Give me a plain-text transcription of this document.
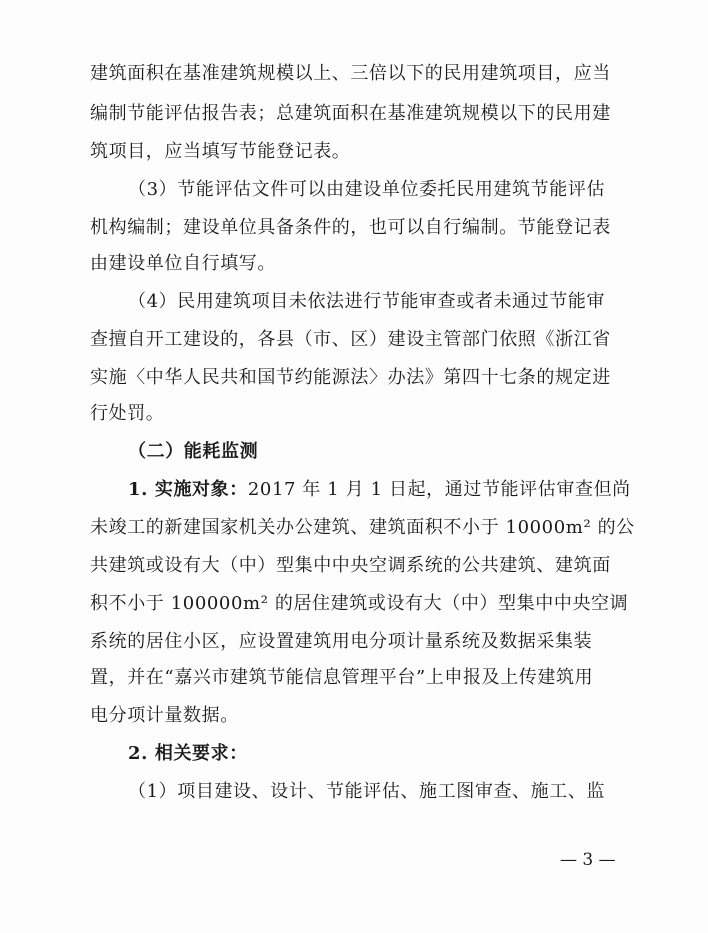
建筑面积在基准建筑规模以上、三倍以下的民用建筑项目，应当
编制节能评估报告表；总建筑面积在基准建筑规模以下的民用建
筑项目，应当填写节能登记表。
（3）节能评估文件可以由建设单位委托民用建筑节能评估
机构编制；建设单位具备条件的，也可以自行编制。节能登记表
由建设单位自行填写。
（4）民用建筑项目未依法进行节能审查或者未通过节能审
查擅自开工建设的，各县（市、区）建设主管部门依照《浙江省
实施〈中华人民共和国节约能源法〉办法》第四十七条的规定进
行处罚。
（二）能耗监测
1. 实施对象：2017 年 1 月 1 日起，通过节能评估审查但尚
未竣工的新建国家机关办公建筑、建筑面积不小于 10000m² 的公
共建筑或设有大（中）型集中中央空调系统的公共建筑、建筑面
积不小于 100000m² 的居住建筑或设有大（中）型集中中央空调
系统的居住小区，应设置建筑用电分项计量系统及数据采集装
置，并在“嘉兴市建筑节能信息管理平台”上申报及上传建筑用
电分项计量数据。
2. 相关要求：
（1）项目建设、设计、节能评估、施工图审查、施工、监
— 3 —
